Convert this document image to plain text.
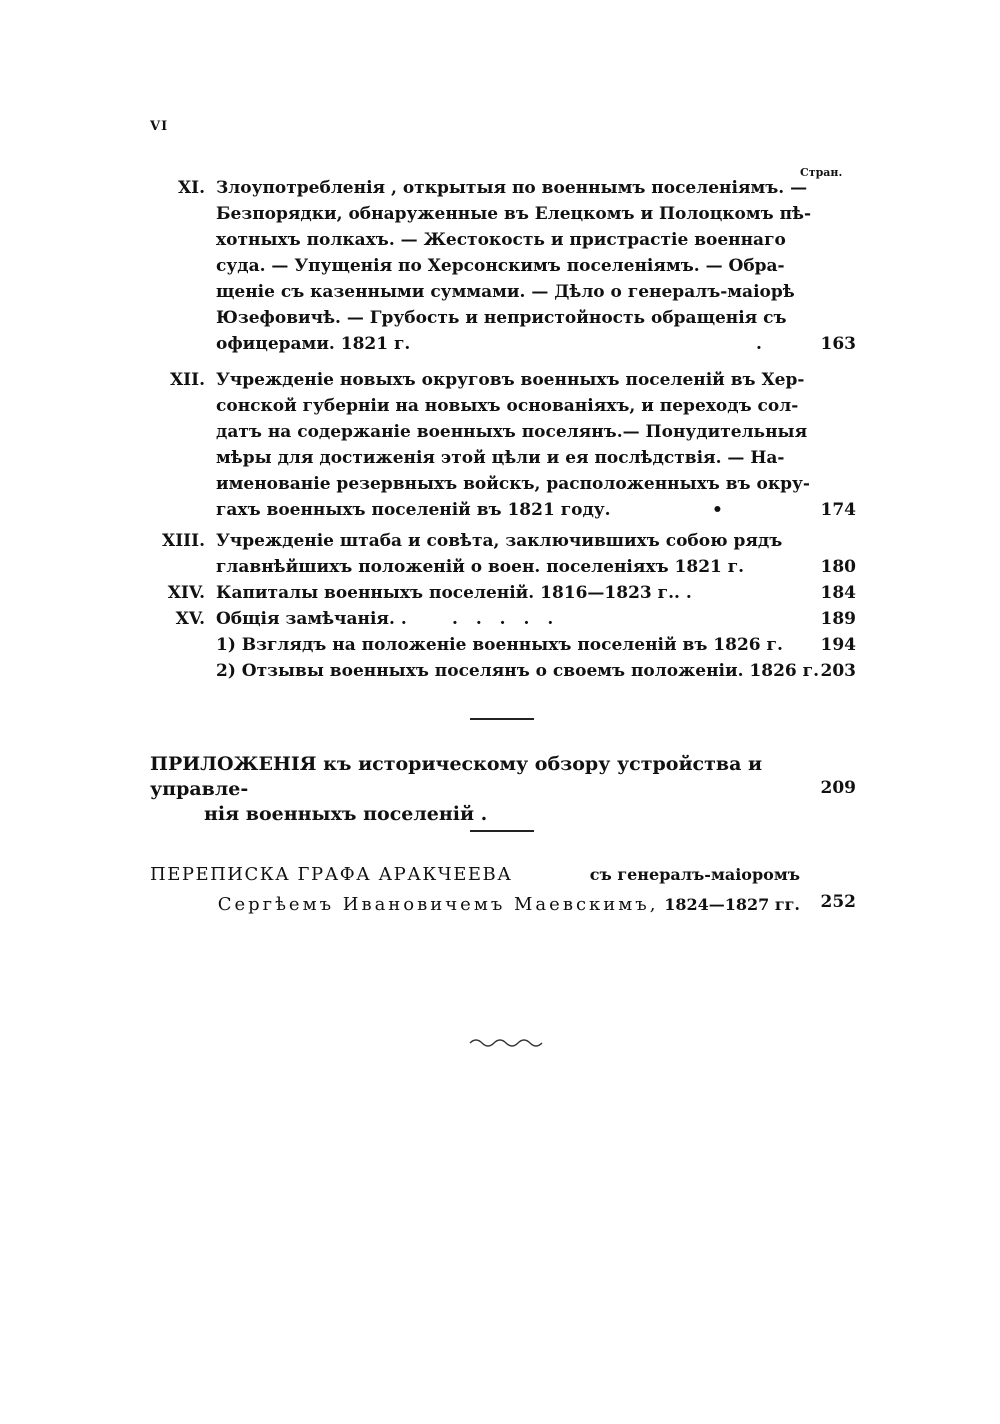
VI
Стран.
XI. Злоупотребленія , открытыя по военнымъ поселеніямъ. —
Безпорядки, обнаруженные въ Елецкомъ и Полоцкомъ пѣ-
хотныхъ полкахъ. — Жестокость и пристрастіе военнаго
суда. — Упущенія по Херсонскимъ поселеніямъ. — Обра-
щеніе съ казенными суммами. — Дѣло о генералъ-маіорѣ
Юзефовичѣ. — Грубость и непристойность обращенія съ
офицерами. 1821 г.	.	163
XII. Учрежденіе новыхъ округовъ военныхъ поселеній въ Хер-
сонской губерніи на новыхъ основаніяхъ, и переходъ сол-
датъ на содержаніе военныхъ поселянъ.— Понудительныя
мѣры для достиженія этой цѣли и ея послѣдствія. — На-
именованіе резервныхъ войскъ, расположенныхъ въ окру-
гахъ военныхъ поселеній въ 1821 году.	•	174
XIII. Учрежденіе штаба и совѣта, заключившихъ собою рядъ
главнѣйшихъ положеній о воен. поселеніяхъ 1821 г.	180
XIV. Капиталы военныхъ поселеній. 1816—1823 г.. .	184
XV. Общія замѣчанія. .	. . . . .	189
1) Взглядъ на положеніе военныхъ поселеній въ 1826 г.	194
2) Отзывы военныхъ поселянъ о своемъ положеніи. 1826 г. 203
ПРИЛОЖЕНІЯ къ историческому обзору устройства и управле-
нія военныхъ поселеній .
209
ПЕРЕПИСКА ГРАФА АРАКЧЕЕВА	съ генералъ-маіоромъ
Сергѣемъ Ивановичемъ Маевскимъ, 1824—1827 гг.	252
